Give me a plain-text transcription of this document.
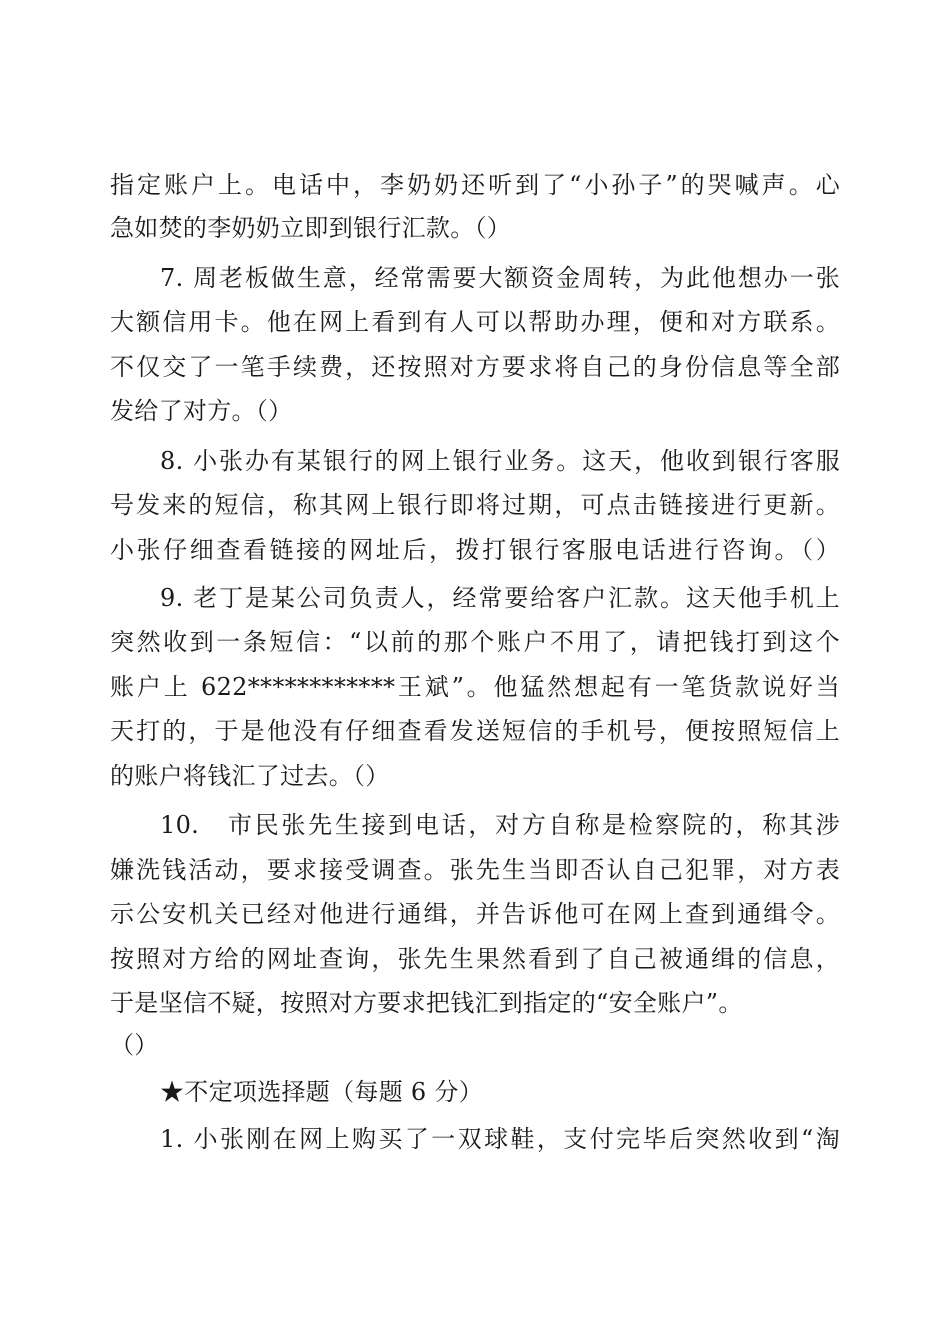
指定账户上。电话中，李奶奶还听到了“小孙子”的哭喊声。心
急如焚的李奶奶立即到银行汇款。（）
7. 周老板做生意，经常需要大额资金周转，为此他想办一张
大额信用卡。他在网上看到有人可以帮助办理，便和对方联系。
不仅交了一笔手续费，还按照对方要求将自己的身份信息等全部
发给了对方。（）
8. 小张办有某银行的网上银行业务。这天，他收到银行客服
号发来的短信，称其网上银行即将过期，可点击链接进行更新。
小张仔细查看链接的网址后，拨打银行客服电话进行咨询。（）
9. 老丁是某公司负责人，经常要给客户汇款。这天他手机上
突然收到一条短信：“以前的那个账户不用了，请把钱打到这个
账户上 622************王斌”。他猛然想起有一笔货款说好当
天打的，于是他没有仔细查看发送短信的手机号，便按照短信上
的账户将钱汇了过去。（）
10.	市民张先生接到电话，对方自称是检察院的，称其涉
嫌洗钱活动，要求接受调查。张先生当即否认自己犯罪，对方表
示公安机关已经对他进行通缉，并告诉他可在网上查到通缉令。
按照对方给的网址查询，张先生果然看到了自己被通缉的信息，
于是坚信不疑，按照对方要求把钱汇到指定的“安全账户”。
（）
★不定项选择题（每题 6 分）
1. 小张刚在网上购买了一双球鞋，支付完毕后突然收到“淘
